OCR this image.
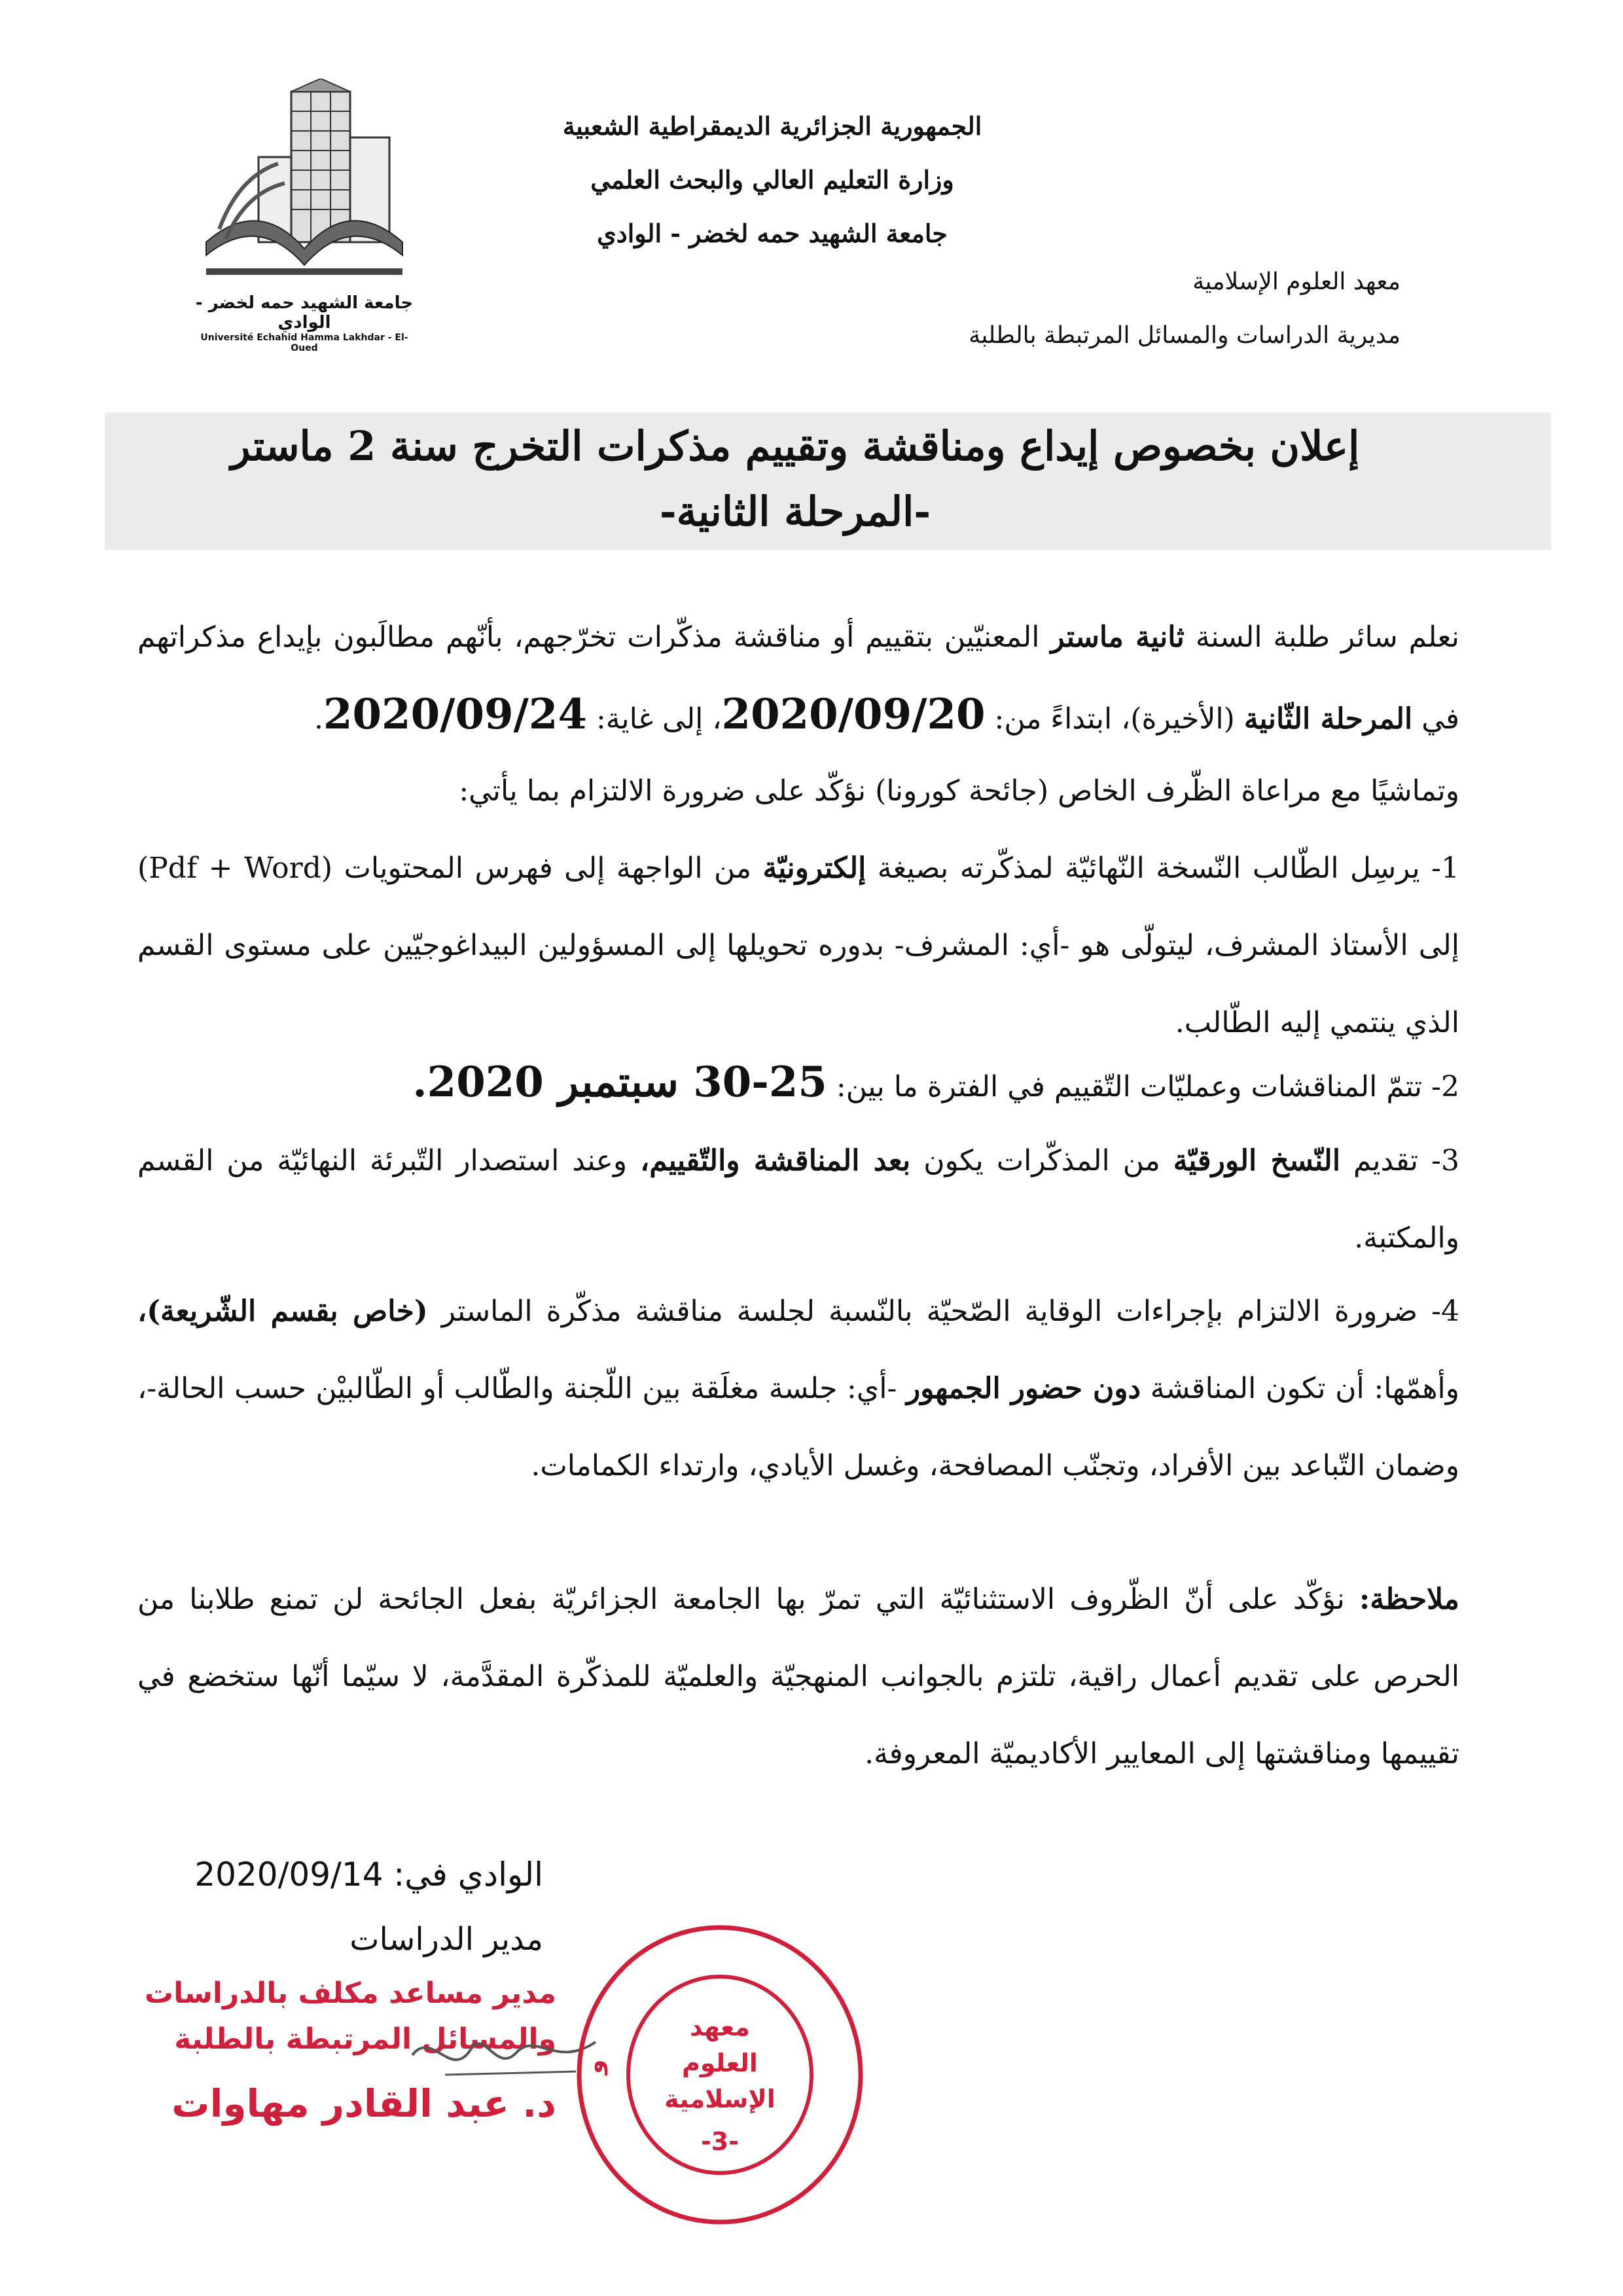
جامعة الشهيد حمه لخضر - الوادي
Université Echahid Hamma Lakhdar - El-Oued
الجمهورية الجزائرية الديمقراطية الشعبية
وزارة التعليم العالي والبحث العلمي
جامعة الشهيد حمه لخضر - الوادي
معهد العلوم الإسلامية
مديرية الدراسات والمسائل المرتبطة بالطلبة
إعلان بخصوص إيداع ومناقشة وتقييم مذكرات التخرج سنة 2 ماستر
-المرحلة الثانية-
نعلم سائر طلبة السنة ثانية ماستر المعنيّين بتقييم أو مناقشة مذكّرات تخرّجهم، بأنّهم مطالَبون بإيداع مذكراتهم في المرحلة الثّانية (الأخيرة)، ابتداءً من: 2020/09/20، إلى غاية: 2020/09/24.
وتماشيًا مع مراعاة الظّرف الخاص (جائحة كورونا) نؤكّد على ضرورة الالتزام بما يأتي:
1- يرسِل الطّالب النّسخة النّهائيّة لمذكّرته بصيغة إلكترونيّة من الواجهة إلى فهرس المحتويات (Pdf + Word) إلى الأستاذ المشرف، ليتولّى هو -أي: المشرف- بدوره تحويلها إلى المسؤولين البيداغوجيّين على مستوى القسم الذي ينتمي إليه الطّالب.
2- تتمّ المناقشات وعمليّات التّقييم في الفترة ما بين: 25-30 سبتمبر 2020.
3- تقديم النّسخ الورقيّة من المذكّرات يكون بعد المناقشة والتّقييم، وعند استصدار التّبرئة النهائيّة من القسم والمكتبة.
4- ضرورة الالتزام بإجراءات الوقاية الصّحيّة بالنّسبة لجلسة مناقشة مذكّرة الماستر (خاص بقسم الشّريعة)، وأهمّها: أن تكون المناقشة دون حضور الجمهور -أي: جلسة مغلَقة بين اللّجنة والطّالب أو الطّالبيْن حسب الحالة-، وضمان التّباعد بين الأفراد، وتجنّب المصافحة، وغسل الأيادي، وارتداء الكمامات.
ملاحظة: نؤكّد على أنّ الظّروف الاستثنائيّة التي تمرّ بها الجامعة الجزائريّة بفعل الجائحة لن تمنع طلابنا من الحرص على تقديم أعمال راقية، تلتزم بالجوانب المنهجيّة والعلميّة للمذكّرة المقدَّمة، لا سيّما أنّها ستخضع في تقييمها ومناقشتها إلى المعايير الأكاديميّة المعروفة.
الوادي في: 2020/09/14
مدير الدراسات
مدير مساعد مكلف بالدراسات
والمسائل المرتبطة بالطلبة
د. عبد القادر مهاوات
و
معهد
العلوم
الإسلامية
-3-
